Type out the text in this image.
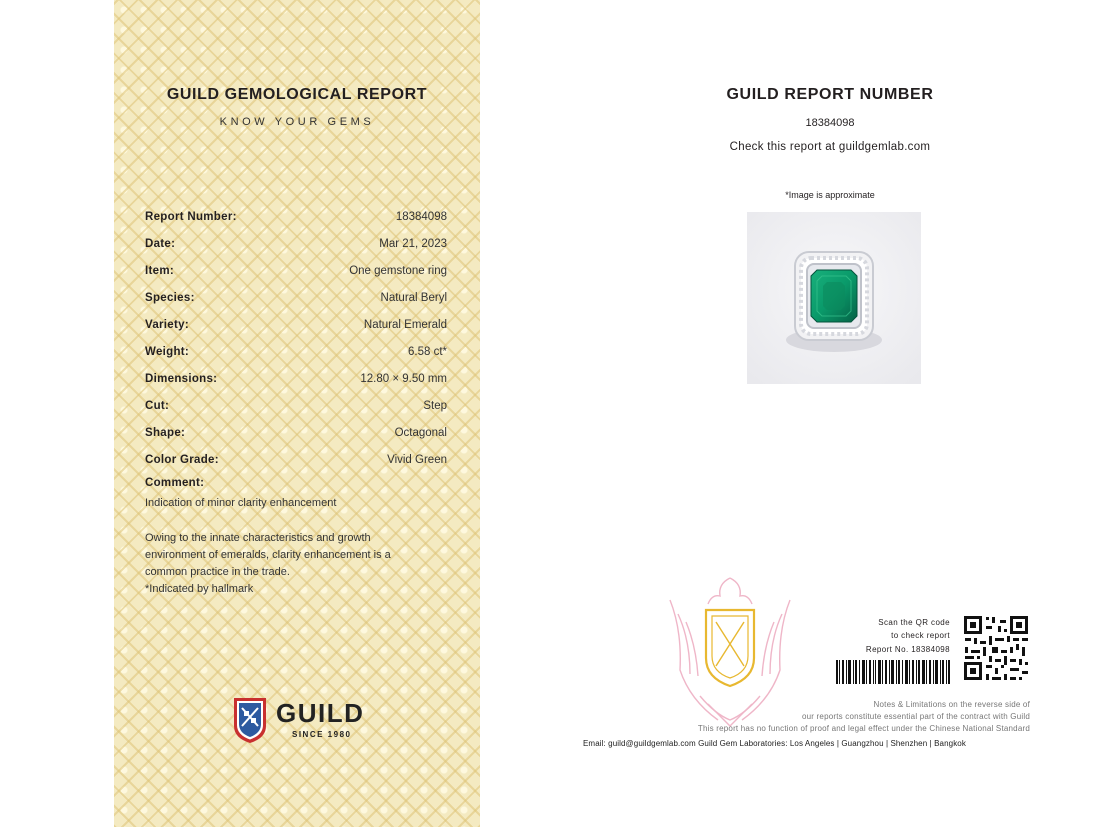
GUILD GEMOLOGICAL REPORT
KNOW YOUR GEMS
Report Number:	18384098
Date:	Mar 21, 2023
Item:	One gemstone ring
Species:	Natural Beryl
Variety:	Natural Emerald
Weight:	6.58 ct*
Dimensions:	12.80 × 9.50 mm
Cut:	Step
Shape:	Octagonal
Color Grade:	Vivid Green
Comment:
Indication of minor clarity enhancement
Owing to the innate characteristics and growth
environment of emeralds, clarity enhancement is a
common practice in the trade.
*Indicated by hallmark
GUILD
SINCE 1980
GUILD REPORT NUMBER
18384098
Check this report at guildgemlab.com
*Image is approximate
Scan the QR code
to check report
Report No. 18384098
Notes & Limitations on the reverse side of
our reports constitute essential part of the contract with Guild
This report has no function of proof and legal effect under the Chinese National Standard
Email: guild@guildgemlab.com Guild Gem Laboratories: Los Angeles | Guangzhou | Shenzhen | Bangkok
